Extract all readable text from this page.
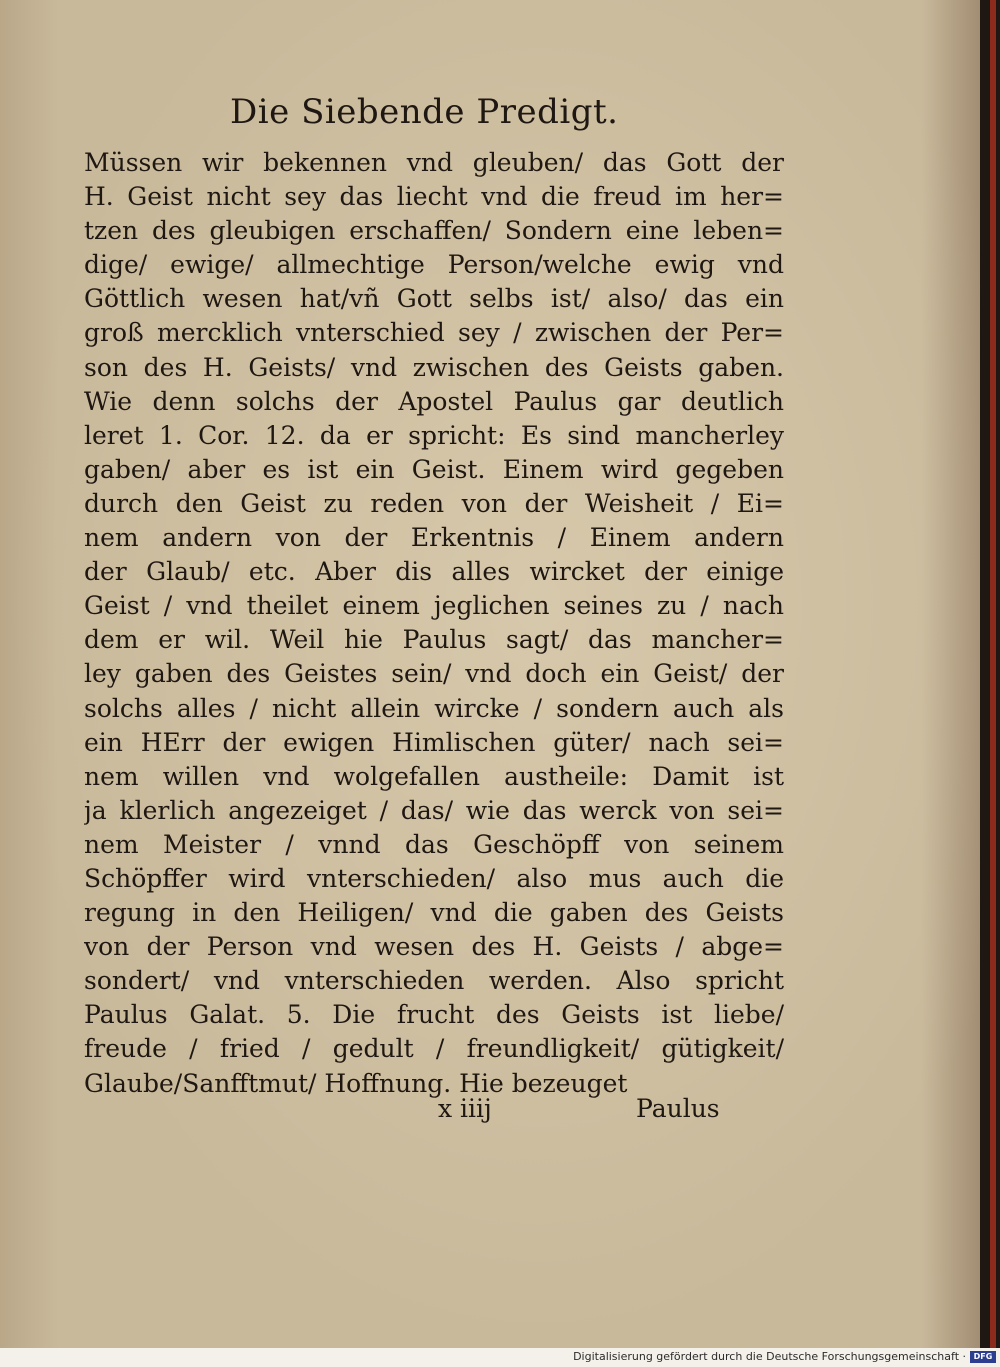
Die Siebende Predigt.
Müssen wir bekennen vnd gleuben/ das Gott der
H. Geist nicht sey das liecht vnd die freud im her=
tzen des gleubigen erschaffen/ Sondern eine leben=
dige/ ewige/ allmechtige Person/welche ewig vnd
Göttlich wesen hat/vñ Gott selbs ist/ also/ das ein
groß mercklich vnterschied sey / zwischen der Per=
son des H. Geists/ vnd zwischen des Geists gaben.
Wie denn solchs der Apostel Paulus gar deutlich
leret 1. Cor. 12. da er spricht: Es sind mancherley
gaben/ aber es ist ein Geist. Einem wird gegeben
durch den Geist zu reden von der Weisheit / Ei=
nem andern von der Erkentnis / Einem andern
der Glaub/ etc. Aber dis alles wircket der einige
Geist / vnd theilet einem jeglichen seines zu / nach
dem er wil. Weil hie Paulus sagt/ das mancher=
ley gaben des Geistes sein/ vnd doch ein Geist/ der
solchs alles / nicht allein wircke / sondern auch als
ein HErr der ewigen Himlischen güter/ nach sei=
nem willen vnd wolgefallen austheile: Damit ist
ja klerlich angezeiget / das/ wie das werck von sei=
nem Meister / vnnd das Geschöpff von seinem
Schöpffer wird vnterschieden/ also mus auch die
regung in den Heiligen/ vnd die gaben des Geists
von der Person vnd wesen des H. Geists / abge=
sondert/ vnd vnterschieden werden. Also spricht
Paulus Galat. 5. Die frucht des Geists ist liebe/
freude / fried / gedult / freundligkeit/ gütigkeit/
Glaube/Sanfftmut/ Hoffnung. Hie bezeuget
x iiij	Paulus
Digitalisierung gefördert durch die Deutsche Forschungsgemeinschaft · DFG
